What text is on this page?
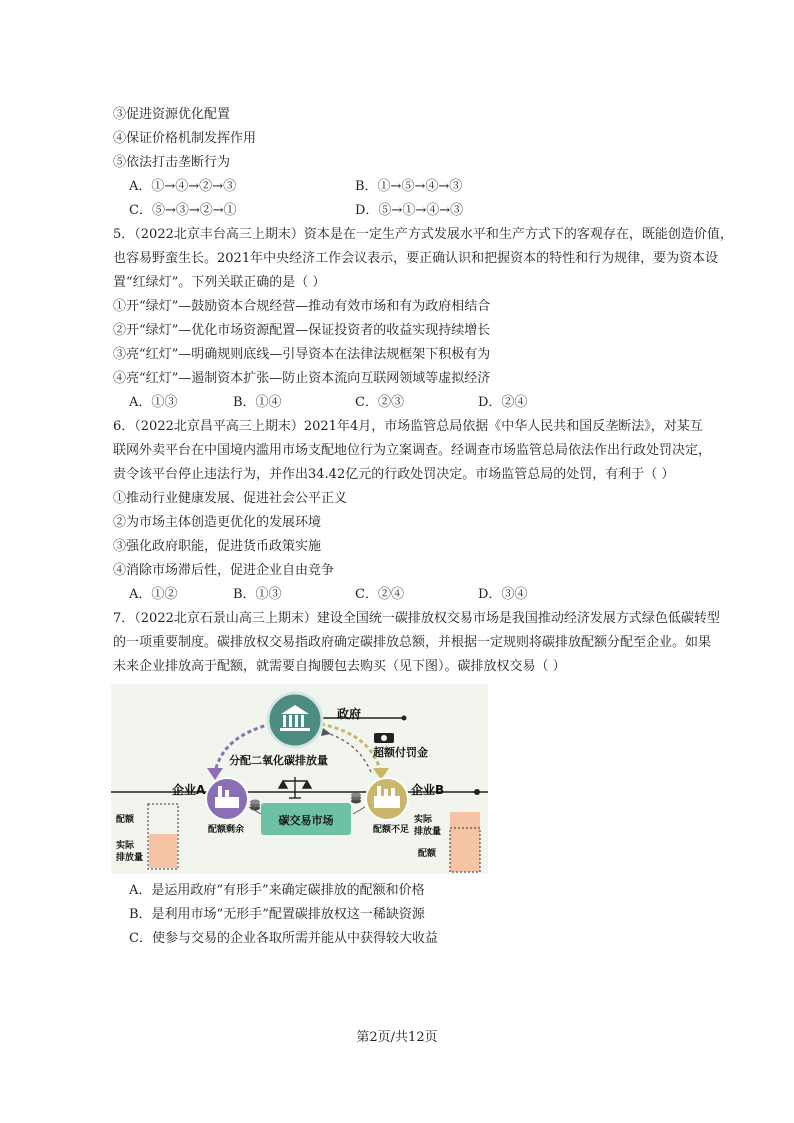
③促进资源优化配置
④保证价格机制发挥作用
⑤依法打击垄断行为
A．①→④→②→③	B．①→⑤→④→③
C．⑤→③→②→①	D．⑤→①→④→③
5．（2022北京丰台高三上期末）资本是在一定生产方式发展水平和生产方式下的客观存在，既能创造价值，
也容易野蛮生长。2021年中央经济工作会议表示，要正确认识和把握资本的特性和行为规律，要为资本设
置“红绿灯”。下列关联正确的是（ ）
①开“绿灯”—鼓励资本合规经营—推动有效市场和有为政府相结合
②开“绿灯”—优化市场资源配置—保证投资者的收益实现持续增长
③亮“红灯”—明确规则底线—引导资本在法律法规框架下积极有为
④亮“红灯”—遏制资本扩张—防止资本流向互联网领域等虚拟经济
A．①③	B．①④	C．②③	D．②④
6．（2022北京昌平高三上期末）2021年4月，市场监管总局依据《中华人民共和国反垄断法》，对某互
联网外卖平台在中国境内滥用市场支配地位行为立案调查。经调查市场监管总局依法作出行政处罚决定，
责令该平台停止违法行为，并作出34.42亿元的行政处罚决定。市场监管总局的处罚，有利于（ ）
①推动行业健康发展、促进社会公平正义
②为市场主体创造更优化的发展环境
③强化政府职能，促进货币政策实施
④消除市场滞后性，促进企业自由竞争
A．①②	B．①③	C．②④	D．③④
7．（2022北京石景山高三上期末）建设全国统一碳排放权交易市场是我国推动经济发展方式绿色低碳转型
的一项重要制度。碳排放权交易指政府确定碳排放总额，并根据一定规则将碳排放配额分配至企业。如果
未来企业排放高于配额，就需要自掏腰包去购买（见下图）。碳排放权交易（ ）
政府
超额付罚金
分配二氧化碳排放量
企业A
配额剩余
企业B
配额不足
碳交易市场
配额
实际
排放量
实际
排放量
配额
A．是运用政府“有形手”来确定碳排放的配额和价格
B．是利用市场“无形手”配置碳排放权这一稀缺资源
C．使参与交易的企业各取所需并能从中获得较大收益
第2页/共12页
